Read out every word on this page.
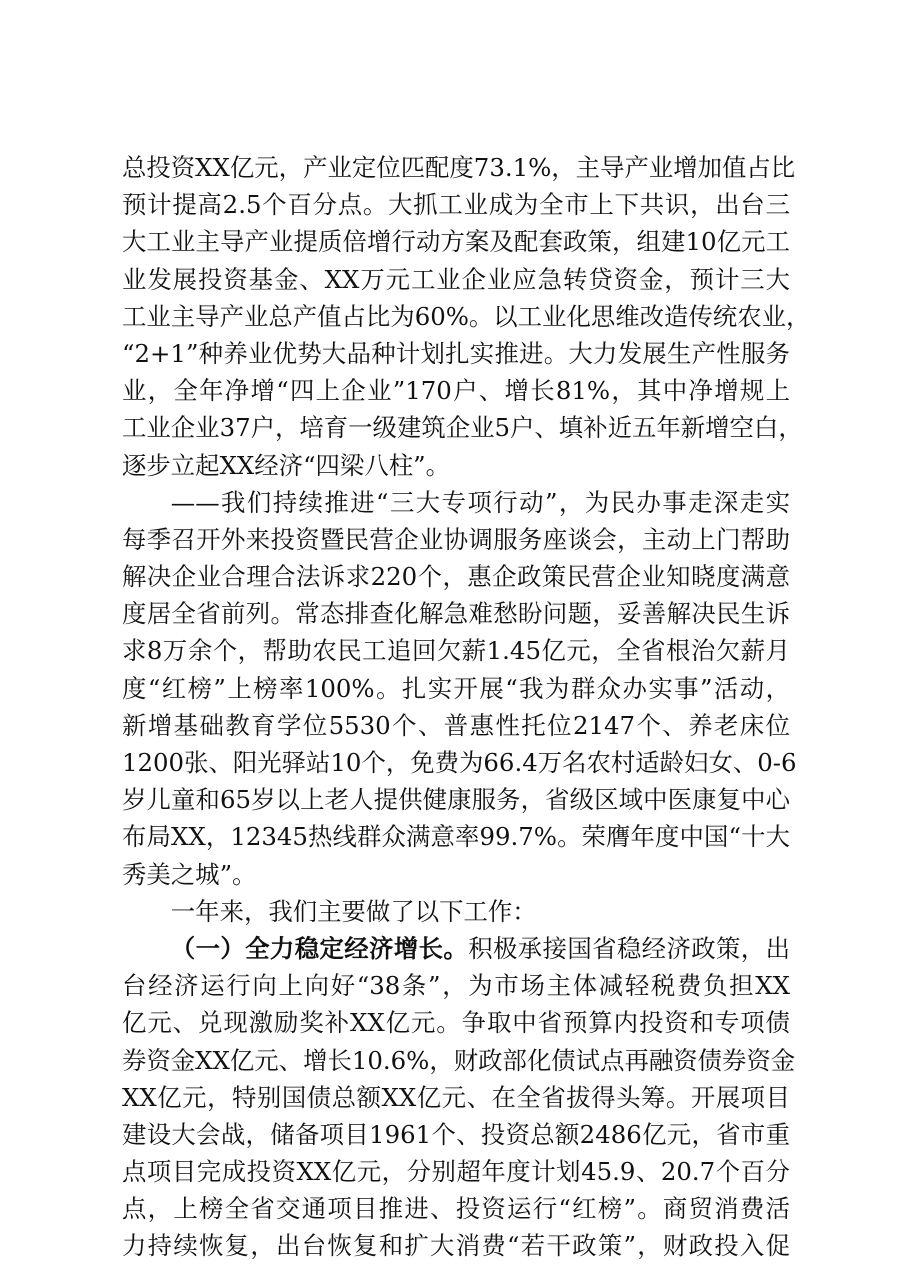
总投资XX亿元，产业定位匹配度73.1%，主导产业增加值占比
预计提高2.5个百分点。大抓工业成为全市上下共识，出台三
大工业主导产业提质倍增行动方案及配套政策，组建10亿元工
业发展投资基金、XX万元工业企业应急转贷资金，预计三大
工业主导产业总产值占比为60%。以工业化思维改造传统农业，
“2+1”种养业优势大品种计划扎实推进。大力发展生产性服务
业，全年净增“四上企业”170户、增长81%，其中净增规上
工业企业37户，培育一级建筑企业5户、填补近五年新增空白，
逐步立起XX经济“四梁八柱”。
——我们持续推进“三大专项行动”，为民办事走深走实
每季召开外来投资暨民营企业协调服务座谈会，主动上门帮助
解决企业合理合法诉求220个，惠企政策民营企业知晓度满意
度居全省前列。常态排查化解急难愁盼问题，妥善解决民生诉
求8万余个，帮助农民工追回欠薪1.45亿元，全省根治欠薪月
度“红榜”上榜率100%。扎实开展“我为群众办实事”活动，
新增基础教育学位5530个、普惠性托位2147个、养老床位
1200张、阳光驿站10个，免费为66.4万名农村适龄妇女、0-6
岁儿童和65岁以上老人提供健康服务，省级区域中医康复中心
布局XX，12345热线群众满意率99.7%。荣膺年度中国“十大
秀美之城”。
一年来，我们主要做了以下工作：
（一）全力稳定经济增长。积极承接国省稳经济政策，出
台经济运行向上向好“38条”，为市场主体减轻税费负担XX
亿元、兑现激励奖补XX亿元。争取中省预算内投资和专项债
券资金XX亿元、增长10.6%，财政部化债试点再融资债券资金
XX亿元，特别国债总额XX亿元、在全省拔得头筹。开展项目
建设大会战，储备项目1961个、投资总额2486亿元，省市重
点项目完成投资XX亿元，分别超年度计划45.9、20.7个百分
点，上榜全省交通项目推进、投资运行“红榜”。商贸消费活
力持续恢复，出台恢复和扩大消费“若干政策”，财政投入促
